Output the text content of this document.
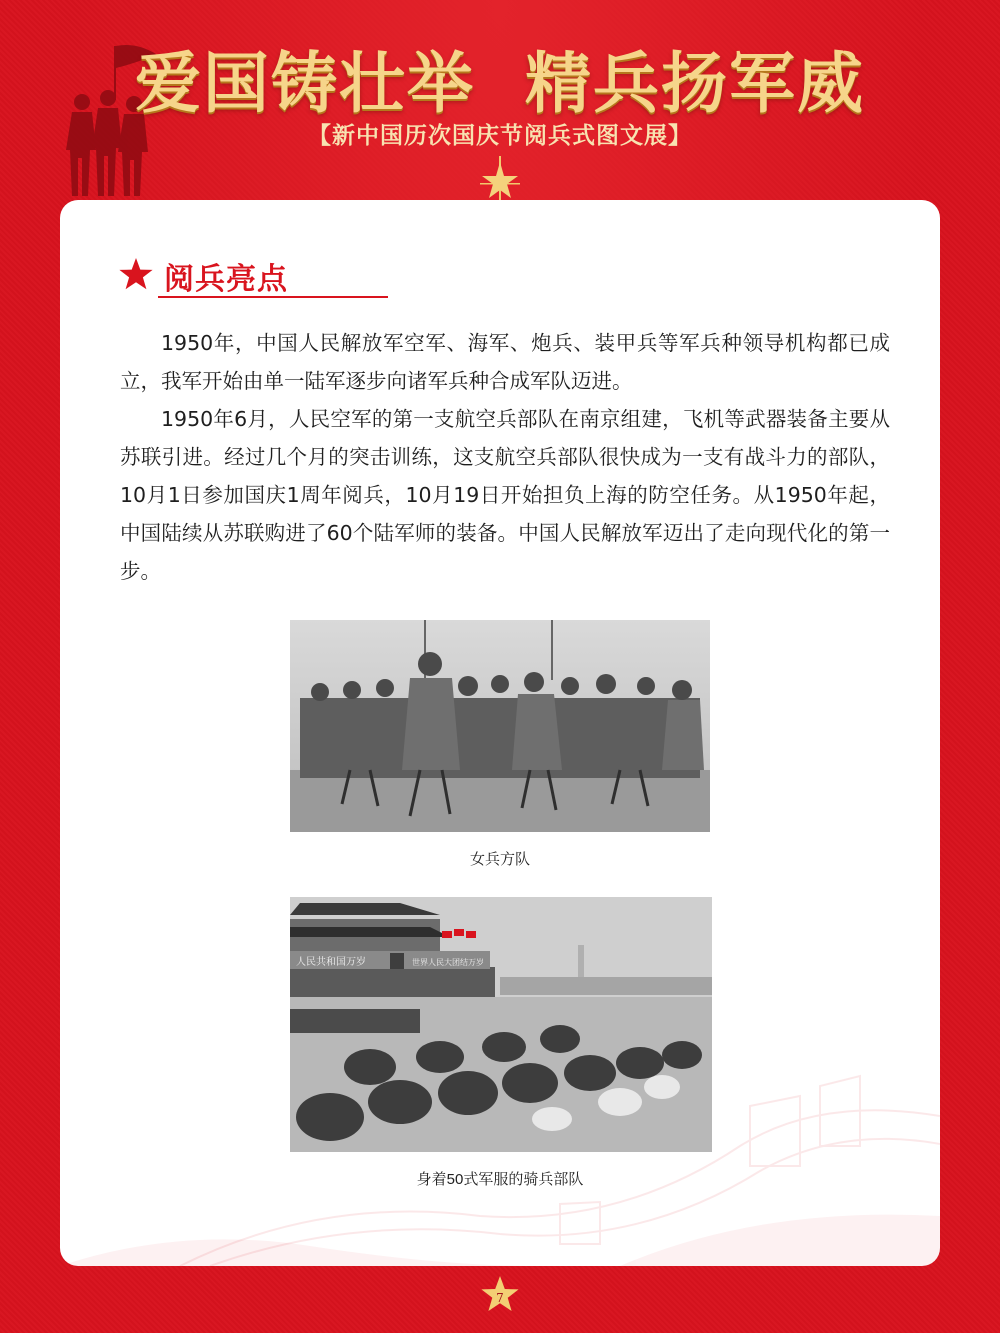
爱国铸壮举  精兵扬军威
【新中国历次国庆节阅兵式图文展】
阅兵亮点

1950年，中国人民解放军空军、海军、炮兵、装甲兵等军兵种领导机构都已成立，我军开始由单一陆军逐步向诸军兵种合成军队迈进。

1950年6月，人民空军的第一支航空兵部队在南京组建，飞机等武器装备主要从苏联引进。经过几个月的突击训练，这支航空兵部队很快成为一支有战斗力的部队，10月1日参加国庆1周年阅兵，10月19日开始担负上海的防空任务。从1950年起，中国陆续从苏联购进了60个陆军师的装备。中国人民解放军迈出了走向现代化的第一步。

女兵方队
人民共和国万岁	世界人民大团结万岁
身着50式军服的骑兵部队
7
